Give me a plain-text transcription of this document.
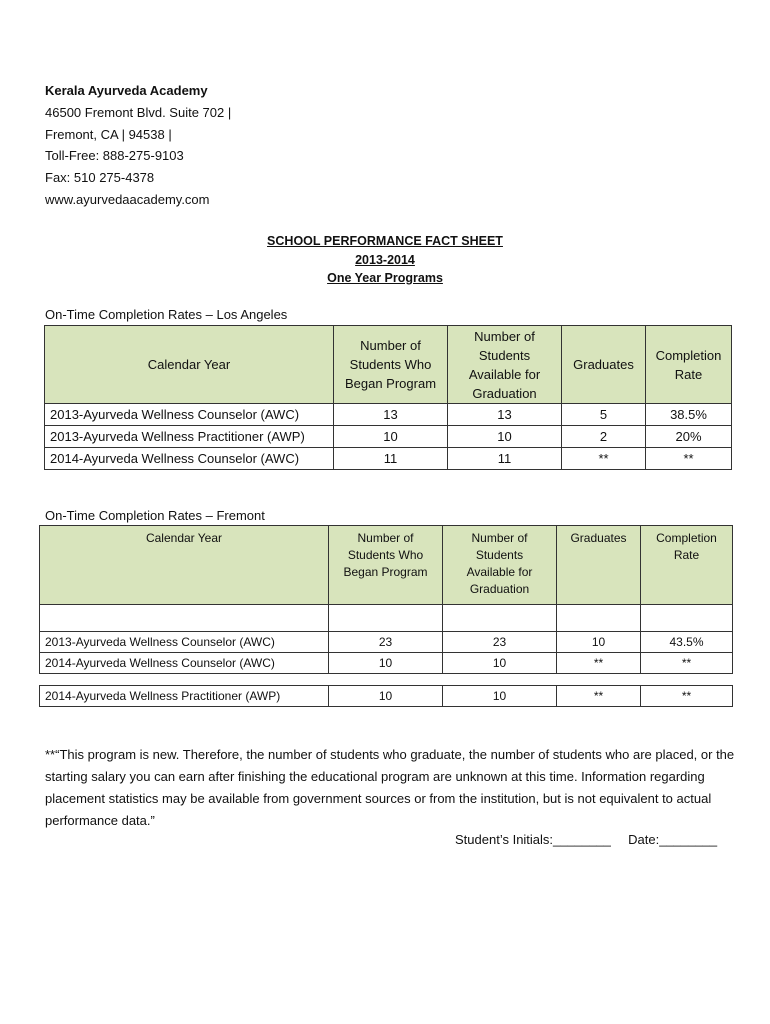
Kerala Ayurveda Academy
46500 Fremont Blvd. Suite 702 |
Fremont, CA | 94538 |
Toll-Free: 888-275-9103
Fax: 510 275-4378
www.ayurvedaacademy.com
SCHOOL PERFORMANCE FACT SHEET
2013-2014
One Year Programs
On-Time Completion Rates – Los Angeles
Calendar Year	Number of Students Who Began Program	Number of Students Available for Graduation	Graduates	Completion Rate
2013-Ayurveda Wellness Counselor (AWC)	13	13	5	38.5%
2013-Ayurveda Wellness Practitioner (AWP)	10	10	2	20%
2014-Ayurveda Wellness Counselor (AWC)	11	11	**	**
On-Time Completion Rates – Fremont
Calendar Year	Number of Students Who Began Program	Number of Students Available for Graduation	Graduates	Completion Rate

2013-Ayurveda Wellness Counselor (AWC)	23	23	10	43.5%
2014-Ayurveda Wellness Counselor (AWC)	10	10	**	**

2014-Ayurveda Wellness Practitioner (AWP)	10	10	**	**
**“This program is new. Therefore, the number of students who graduate, the number of students who are placed, or the starting salary you can earn after finishing the educational program are unknown at this time. Information regarding placement statistics may be available from government sources or from the institution, but is not equivalent to actual performance data.”
Student’s Initials:________ Date:________
